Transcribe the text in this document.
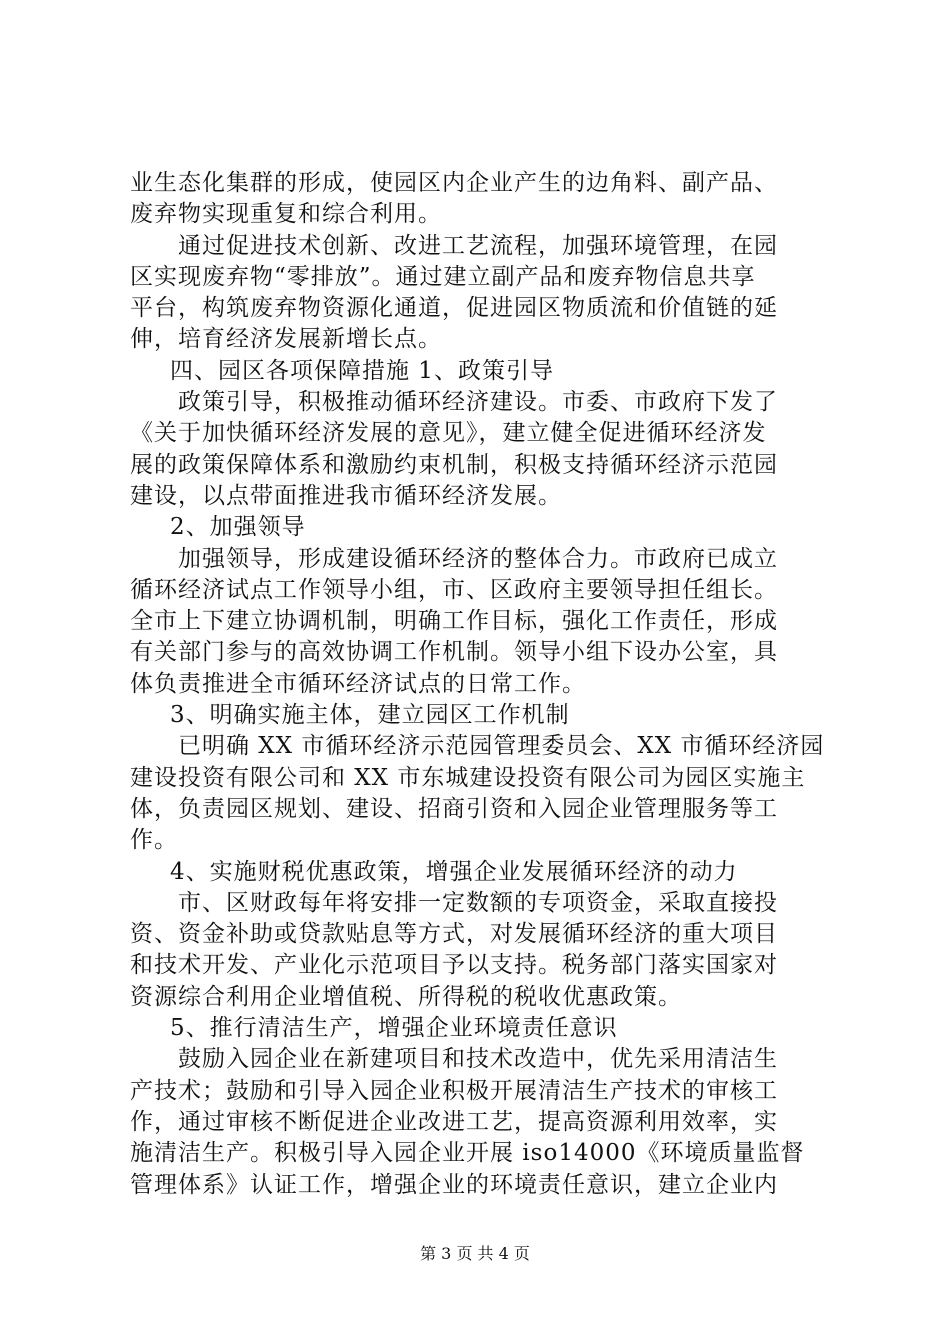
业生态化集群的形成，使园区内企业产生的边角料、副产品、
废弃物实现重复和综合利用。
通过促进技术创新、改进工艺流程，加强环境管理，在园
区实现废弃物“零排放”。通过建立副产品和废弃物信息共享
平台，构筑废弃物资源化通道，促进园区物质流和价值链的延
伸，培育经济发展新增长点。
四、园区各项保障措施 1、政策引导
政策引导，积极推动循环经济建设。市委、市政府下发了
《关于加快循环经济发展的意见》，建立健全促进循环经济发
展的政策保障体系和激励约束机制，积极支持循环经济示范园
建设，以点带面推进我市循环经济发展。
2、加强领导
加强领导，形成建设循环经济的整体合力。市政府已成立
循环经济试点工作领导小组，市、区政府主要领导担任组长。
全市上下建立协调机制，明确工作目标，强化工作责任，形成
有关部门参与的高效协调工作机制。领导小组下设办公室，具
体负责推进全市循环经济试点的日常工作。
3、明确实施主体，建立园区工作机制
已明确 XX 市循环经济示范园管理委员会、XX 市循环经济园
建设投资有限公司和 XX 市东城建设投资有限公司为园区实施主
体，负责园区规划、建设、招商引资和入园企业管理服务等工
作。
4、实施财税优惠政策，增强企业发展循环经济的动力
市、区财政每年将安排一定数额的专项资金，采取直接投
资、资金补助或贷款贴息等方式，对发展循环经济的重大项目
和技术开发、产业化示范项目予以支持。税务部门落实国家对
资源综合利用企业增值税、所得税的税收优惠政策。
5、推行清洁生产，增强企业环境责任意识
鼓励入园企业在新建项目和技术改造中，优先采用清洁生
产技术；鼓励和引导入园企业积极开展清洁生产技术的审核工
作，通过审核不断促进企业改进工艺，提高资源利用效率，实
施清洁生产。积极引导入园企业开展 iso14000《环境质量监督
管理体系》认证工作，增强企业的环境责任意识，建立企业内
第 3 页 共 4 页
